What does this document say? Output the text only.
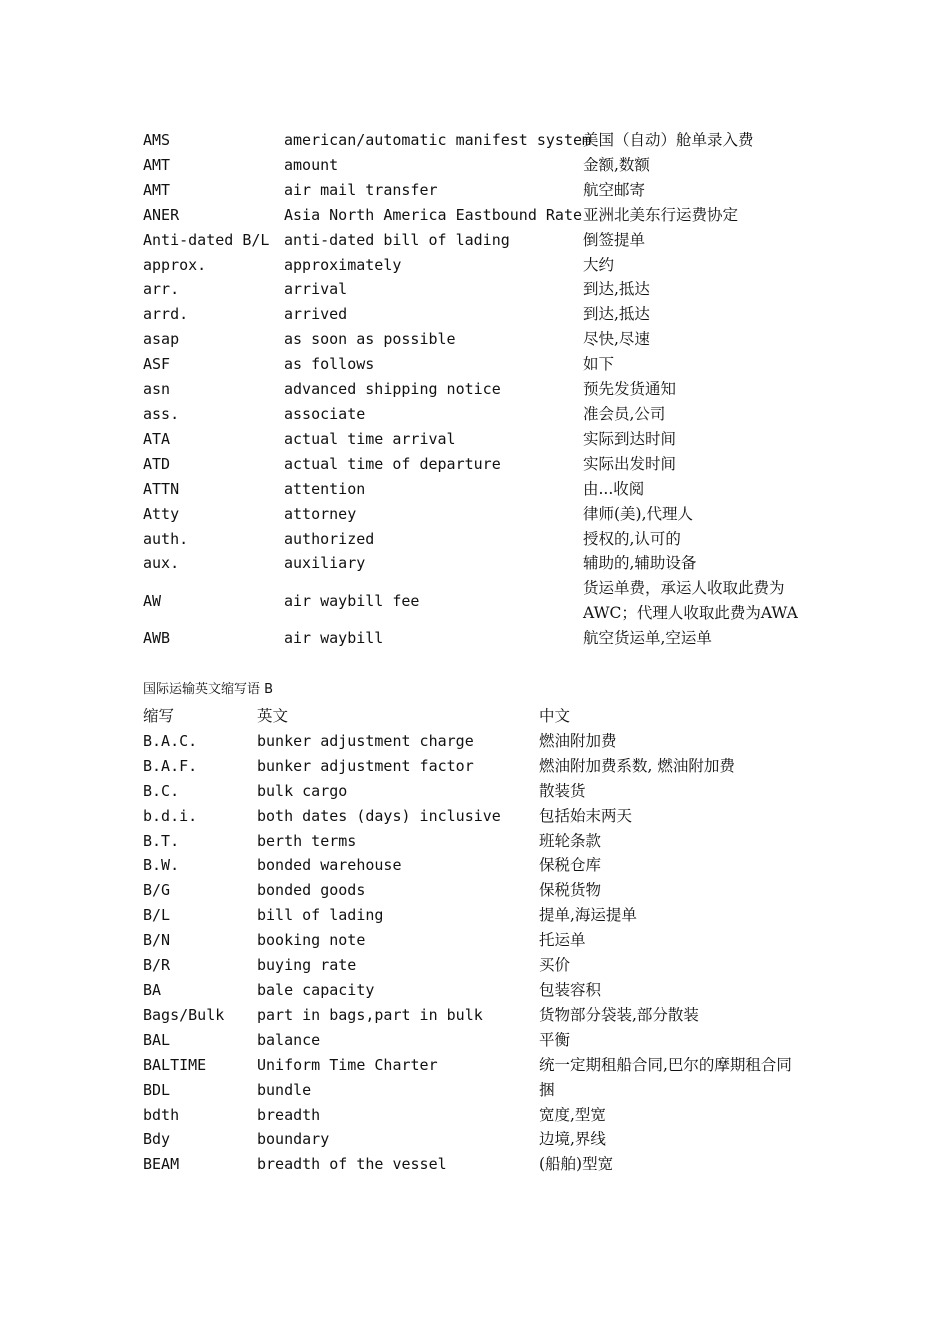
AMS	american/automatic manifest system	美国（自动）舱单录入费
AMT	amount	金额,数额
AMT	air mail transfer	航空邮寄
ANER	Asia North America Eastbound Rate	亚洲北美东行运费协定
Anti-dated B/L	anti-dated bill of lading	倒签提单
approx.	approximately	大约
arr.	arrival	到达,抵达
arrd.	arrived	到达,抵达
asap	as soon as possible	尽快,尽速
ASF	as follows	如下
asn	advanced shipping notice	预先发货通知
ass.	associate	准会员,公司
ATA	actual time arrival	实际到达时间
ATD	actual time of departure	实际出发时间
ATTN	attention	由...收阅
Atty	attorney	律师(美),代理人
auth.	authorized	授权的,认可的
aux.	auxiliary	辅助的,辅助设备
AW	air waybill fee	货运单费，承运人收取此费为AWC；代理人收取此费为AWA
AWB	air waybill	航空货运单,空运单
国际运输英文缩写语 B
缩写	英文	中文
B.A.C.	bunker adjustment charge	燃油附加费
B.A.F.	bunker adjustment factor	燃油附加费系数, 燃油附加费
B.C.	bulk cargo	散装货
b.d.i.	both dates (days) inclusive	包括始末两天
B.T.	berth terms	班轮条款
B.W.	bonded warehouse	保税仓库
B/G	bonded goods	保税货物
B/L	bill of lading	提单,海运提单
B/N	booking note	托运单
B/R	buying rate	买价
BA	bale capacity	包装容积
Bags/Bulk	part in bags,part in bulk	货物部分袋装,部分散装
BAL	balance	平衡
BALTIME	Uniform Time Charter	统一定期租船合同,巴尔的摩期租合同
BDL	bundle	捆
bdth	breadth	宽度,型宽
Bdy	boundary	边境,界线
BEAM	breadth of the vessel	(船舶)型宽
